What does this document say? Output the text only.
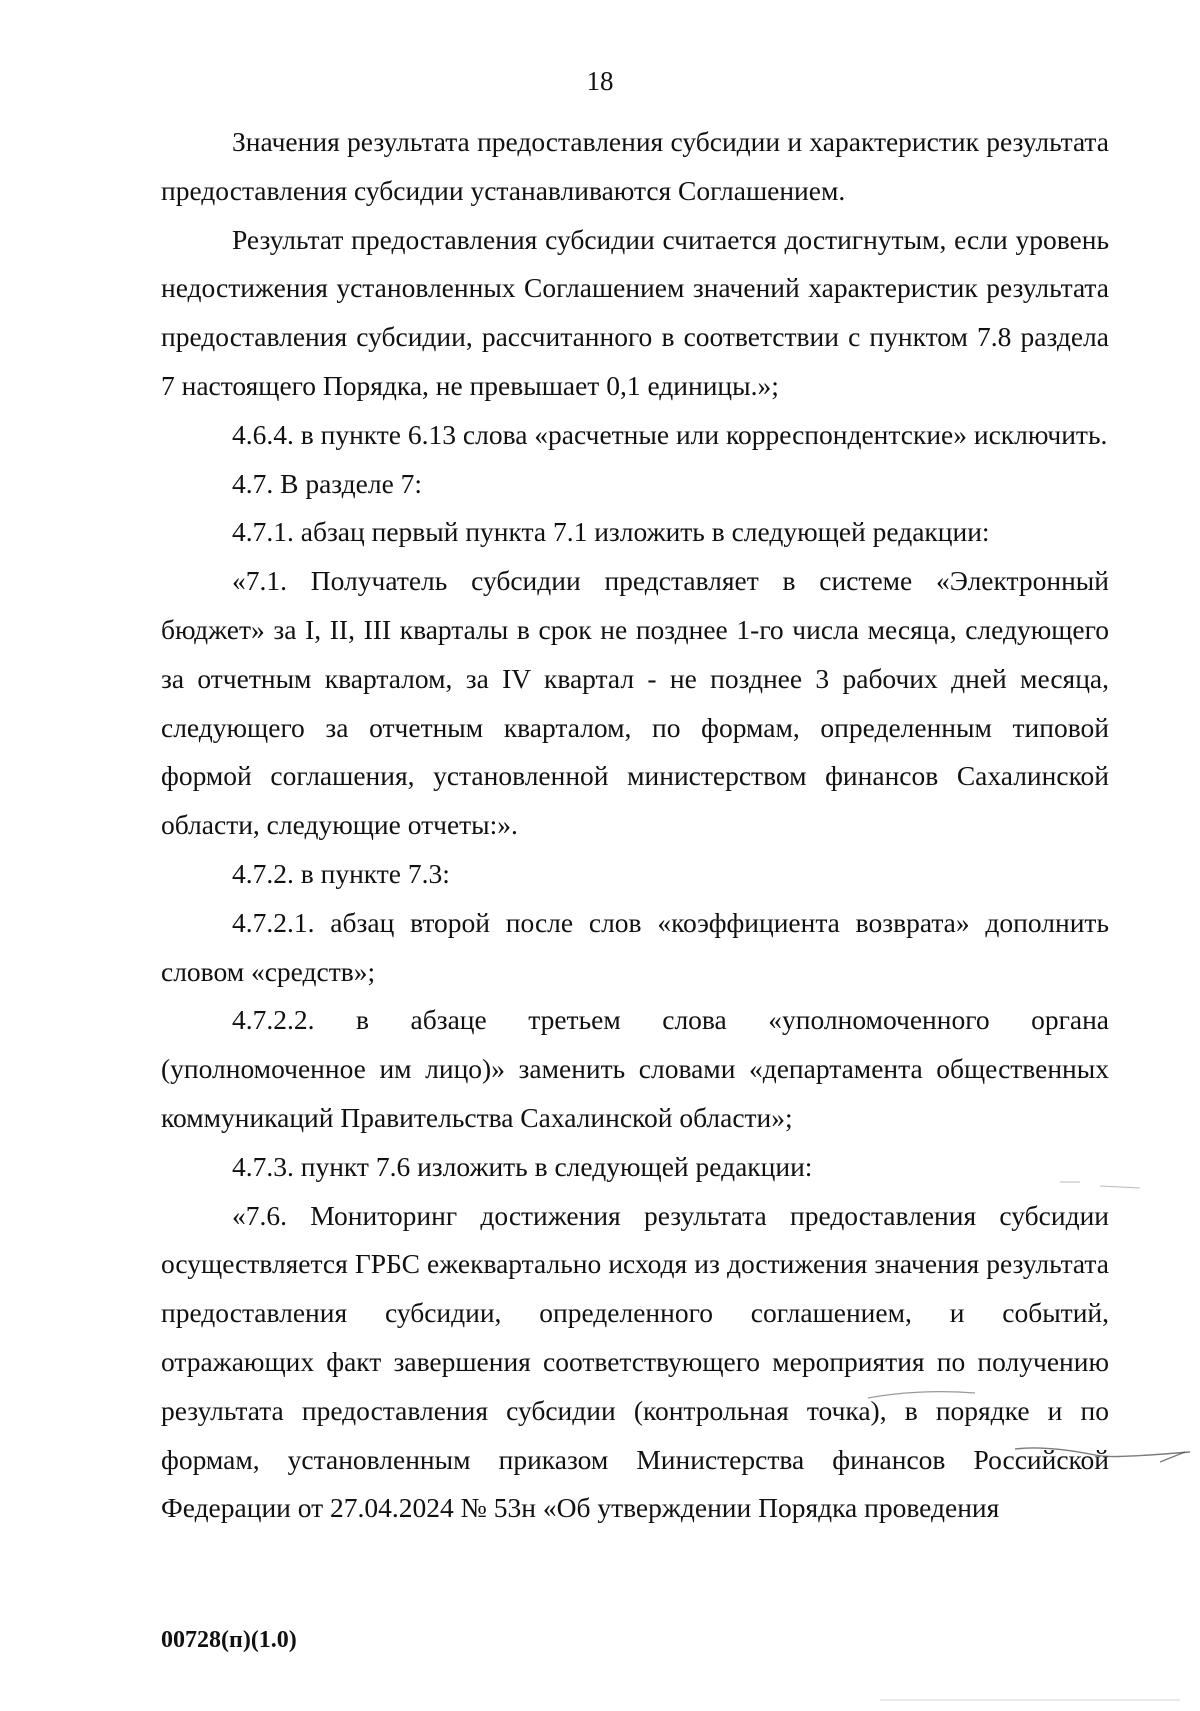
18

Значения результата предоставления субсидии и характеристик результата предоставления субсидии устанавливаются Соглашением.

Результат предоставления субсидии считается достигнутым, если уровень недостижения установленных Соглашением значений характеристик результата предоставления субсидии, рассчитанного в соответствии с пунктом 7.8 раздела 7 настоящего Порядка, не превышает 0,1 единицы.»;

4.6.4. в пункте 6.13 слова «расчетные или корреспондентские» исключить.

4.7. В разделе 7:

4.7.1. абзац первый пункта 7.1 изложить в следующей редакции:

«7.1. Получатель субсидии представляет в системе «Электронный бюджет» за I, II, III кварталы в срок не позднее 1-го числа месяца, следующего за отчетным кварталом, за IV квартал - не позднее 3 рабочих дней месяца, следующего за отчетным кварталом, по формам, определенным типовой формой соглашения, установленной министерством финансов Сахалинской области, следующие отчеты:».

4.7.2. в пункте 7.3:

4.7.2.1. абзац второй после слов «коэффициента возврата» дополнить словом «средств»;

4.7.2.2. в абзаце третьем слова «уполномоченного органа (уполномоченное им лицо)» заменить словами «департамента общественных коммуникаций Правительства Сахалинской области»;

4.7.3. пункт 7.6 изложить в следующей редакции:

«7.6. Мониторинг достижения результата предоставления субсидии осуществляется ГРБС ежеквартально исходя из достижения значения результата предоставления субсидии, определенного соглашением, и событий, отражающих факт завершения соответствующего мероприятия по получению результата предоставления субсидии (контрольная точка), в порядке и по формам, установленным приказом Министерства финансов Российской Федерации от 27.04.2024 № 53н «Об утверждении Порядка проведения

00728(п)(1.0)
